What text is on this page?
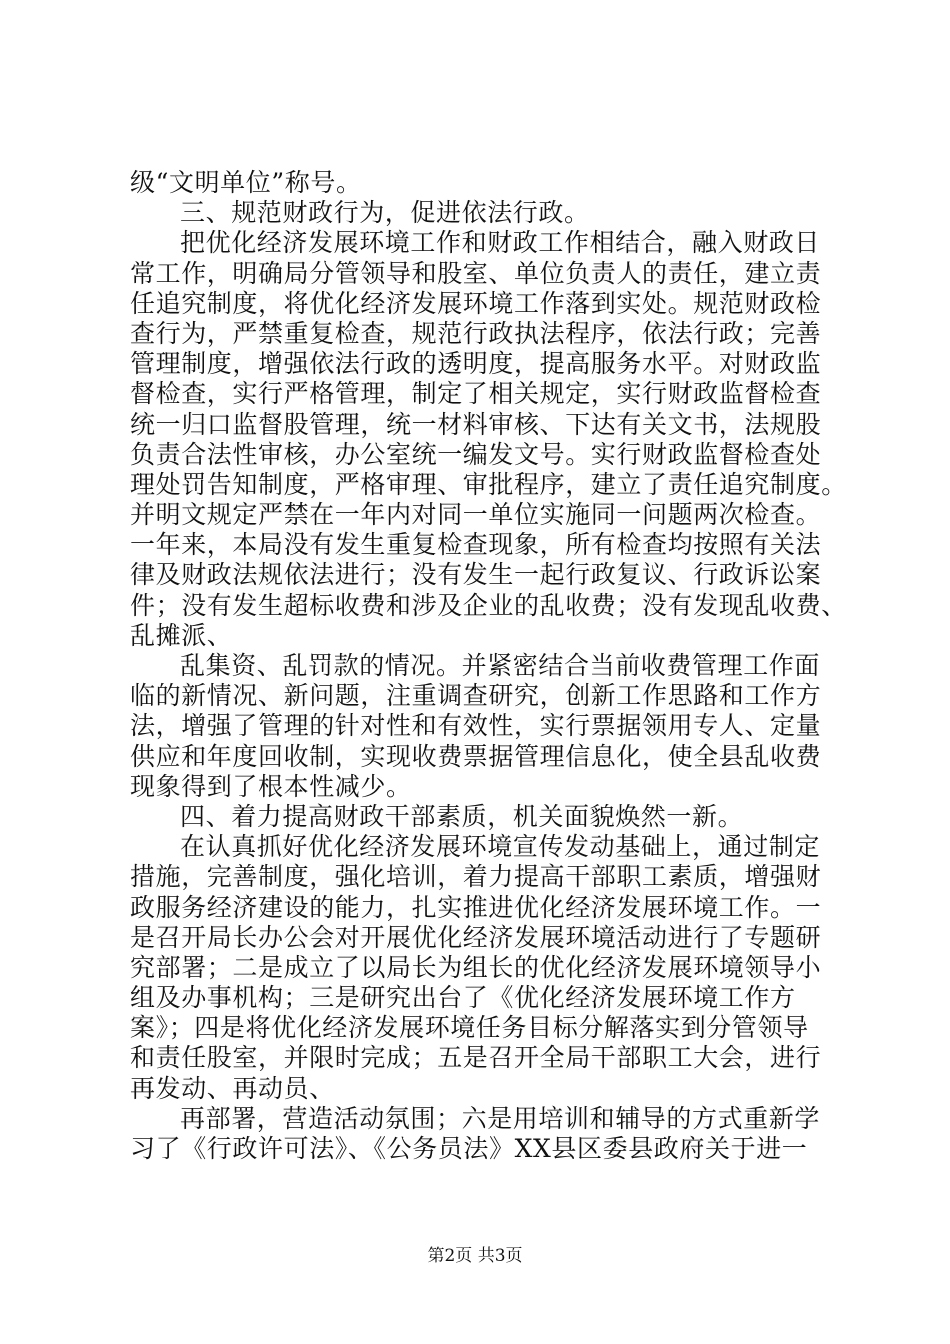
级“文明单位”称号。
三、规范财政行为，促进依法行政。
把优化经济发展环境工作和财政工作相结合，融入财政日
常工作，明确局分管领导和股室、单位负责人的责任，建立责
任追究制度，将优化经济发展环境工作落到实处。规范财政检
查行为，严禁重复检查，规范行政执法程序，依法行政；完善
管理制度，增强依法行政的透明度，提高服务水平。对财政监
督检查，实行严格管理，制定了相关规定，实行财政监督检查
统一归口监督股管理，统一材料审核、下达有关文书，法规股
负责合法性审核，办公室统一编发文号。实行财政监督检查处
理处罚告知制度，严格审理、审批程序，建立了责任追究制度。
并明文规定严禁在一年内对同一单位实施同一问题两次检查。
一年来，本局没有发生重复检查现象，所有检查均按照有关法
律及财政法规依法进行；没有发生一起行政复议、行政诉讼案
件；没有发生超标收费和涉及企业的乱收费；没有发现乱收费、
乱摊派、
乱集资、乱罚款的情况。并紧密结合当前收费管理工作面
临的新情况、新问题，注重调查研究，创新工作思路和工作方
法，增强了管理的针对性和有效性，实行票据领用专人、定量
供应和年度回收制，实现收费票据管理信息化，使全县乱收费
现象得到了根本性减少。
四、着力提高财政干部素质，机关面貌焕然一新。
在认真抓好优化经济发展环境宣传发动基础上，通过制定
措施，完善制度，强化培训，着力提高干部职工素质，增强财
政服务经济建设的能力，扎实推进优化经济发展环境工作。一
是召开局长办公会对开展优化经济发展环境活动进行了专题研
究部署；二是成立了以局长为组长的优化经济发展环境领导小
组及办事机构；三是研究出台了《优化经济发展环境工作方
案》；四是将优化经济发展环境任务目标分解落实到分管领导
和责任股室，并限时完成；五是召开全局干部职工大会，进行
再发动、再动员、
再部署，营造活动氛围；六是用培训和辅导的方式重新学
习了《行政许可法》、《公务员法》XX县区委县政府关于进一
第2页 共3页
